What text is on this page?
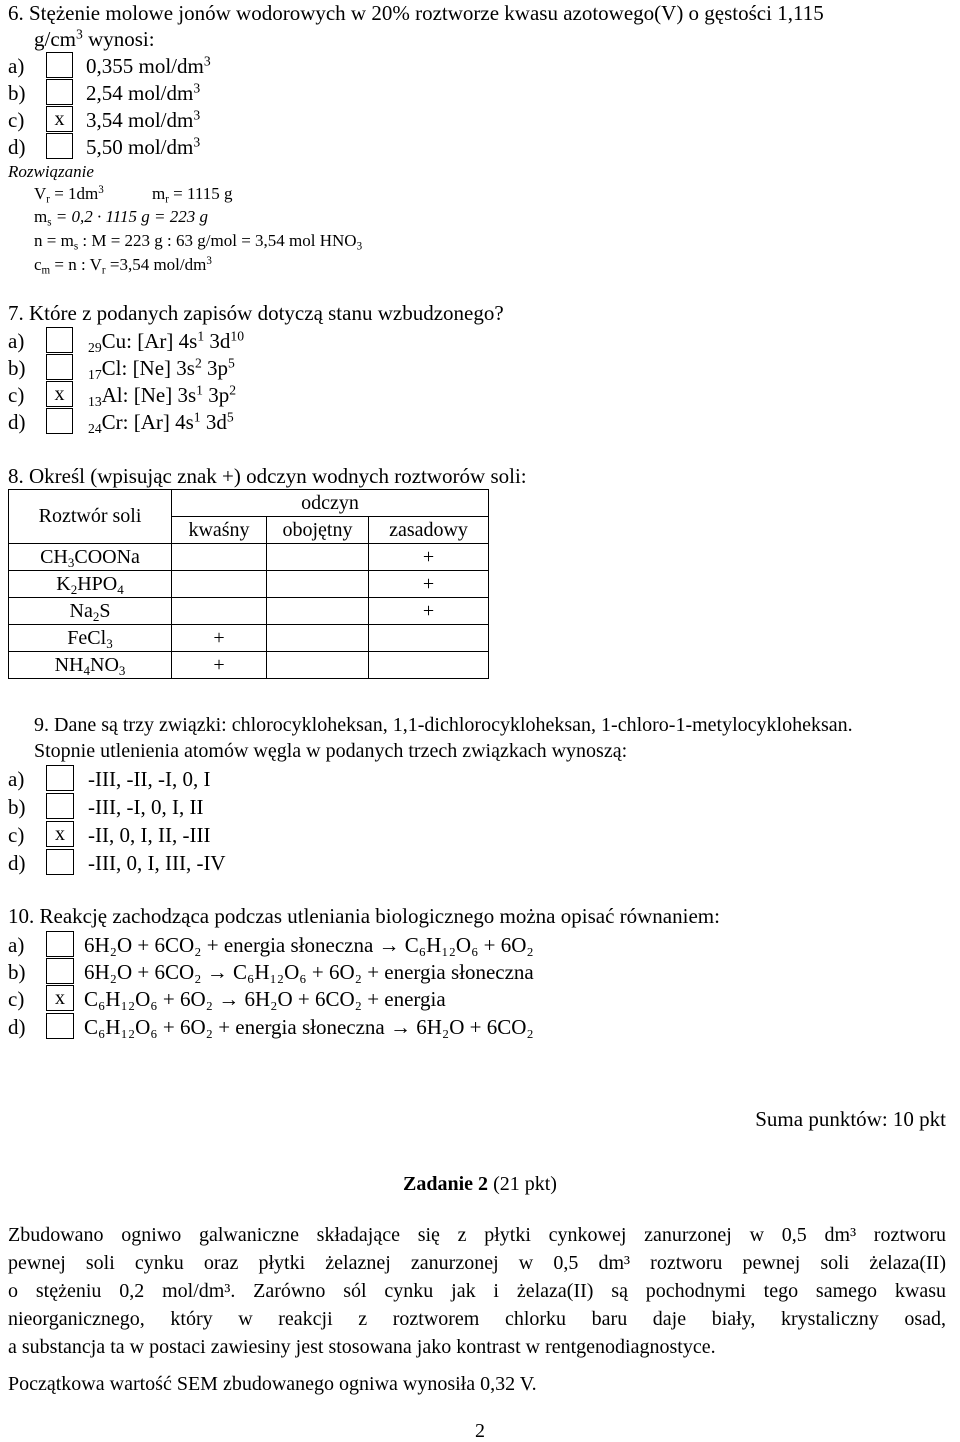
6. Stężenie molowe jonów wodorowych w 20% roztworze kwasu azotowego(V) o gęstości 1,115
$g/cm^3$ wynosi:
a)	0,355 mol/$dm^3$
b)	2,54 mol/$dm^3$
c)	x	3,54 mol/$dm^3$
d)	5,50 mol/$dm^3$
Rozwiązanie
$V_r = 1dm^3$	$m_r = 1115$ g
$m_s = 0,2 \cdot 1115$ g = 223 g
$n = m_s$ : M = 223 g : 63 g/mol = 3,54 mol $HNO_3$
$c_m = n$ : $V_r =3,54$ mol/$dm^3$
7. Które z podanych zapisów dotyczą stanu wzbudzonego?
a)	29Cu: [Ar] $4s^1$ $3d^{10}$
b)	17Cl: [Ne] $3s^2$ $3p^5$
c)	x	13Al: [Ne] $3s^1$ $3p^2$
d)	24Cr: [Ar] $4s^1$ $3d^5$
8. Określ (wpisując znak +) odczyn wodnych roztworów soli:
Roztwór soli	odczyn		
	kwaśny	obojętny	zasadowy
$CH_3COONa$			+
$K_2HPO_4$			+
$Na_2S$			+
FeCl$_3$	+		
$NH_4NO_3$	+		
9. Dane są trzy związki: chlorocykloheksan, 1,1-dichlorocykloheksan, 1-chloro-1-metylocykloheksan.
Stopnie utlenienia atomów węgla w podanych trzech związkach wynoszą:
a)	-III, -II, -I, 0, I
b)	-III, -I, 0, I, II
c)	x	-II, 0, I, II, -III
d)	-III, 0, I, III, -IV
10. Reakcję zachodząca podczas utleniania biologicznego można opisać równaniem:
a)	6H₂O + 6CO₂ + energia słoneczna → C₆H₁₂O₆ + 6O₂
b)	6H₂O + 6CO₂ → C₆H₁₂O₆ + 6O₂ + energia słoneczna
c)	x C₆H₁₂O₆ + 6O₂ → 6H₂O + 6CO₂ + energia
d)	C₆H₁₂O₆ + 6O₂ + energia słoneczna → 6H₂O + 6CO₂
Suma punktów: 10 pkt
Zadanie 2 (21 pkt)
Zbudowano ogniwo galwaniczne składające się z płytki cynkowej zanurzonej w 0,5 dm³ roztworu
pewnej soli cynku oraz płytki żelaznej zanurzonej w 0,5 dm³ roztworu pewnej soli żelaza(II)
o stężeniu 0,2 mol/dm³. Zarówno sól cynku jak i żelaza(II) są pochodnymi tego samego kwasu
nieorganicznego, który w reakcji z roztworem chlorku baru daje biały, krystaliczny osad,
a substancja ta w postaci zawiesiny jest stosowana jako kontrast w rentgenodiagnostyce.
Początkowa wartość SEM zbudowanego ogniwa wynosiła 0,32 V.
2
